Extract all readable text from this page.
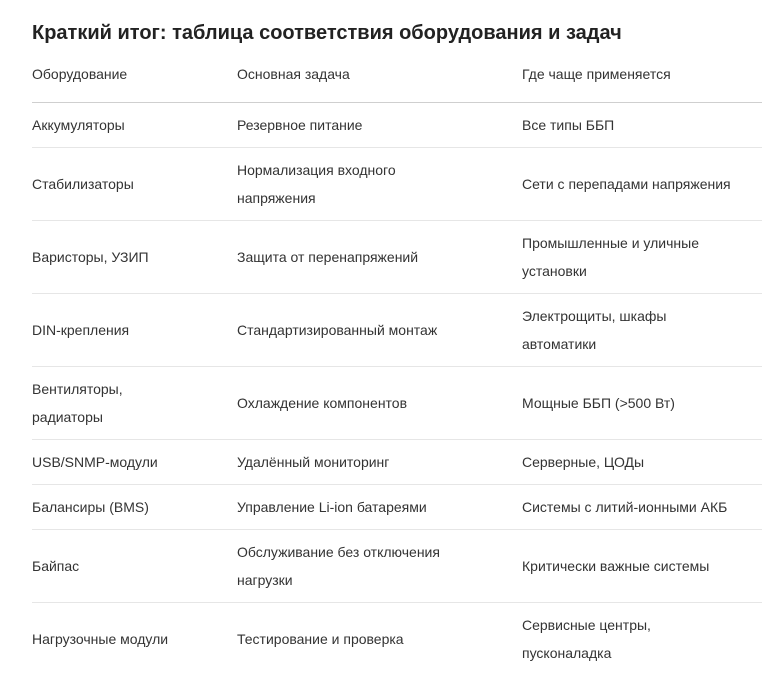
Краткий итог: таблица соответствия оборудования и задач
Оборудование	Основная задача	Где чаще применяется

Аккумуляторы	Резервное питание	Все типы ББП

Стабилизаторы	Нормализация входного напряжения	Сети с перепадами напряжения

Варисторы, УЗИП	Защита от перенапряжений	Промышленные и уличные установки

DIN-крепления	Стандартизированный монтаж	Электрощиты, шкафы автоматики

Вентиляторы, радиаторы	Охлаждение компонентов	Мощные ББП (>500 Вт)

USB/SNMP-модули	Удалённый мониторинг	Серверные, ЦОДы

Балансиры (BMS)	Управление Li-ion батареями	Системы с литий-ионными АКБ

Байпас	Обслуживание без отключения нагрузки	Критически важные системы

Нагрузочные модули	Тестирование и проверка	Сервисные центры, пусконаладка
